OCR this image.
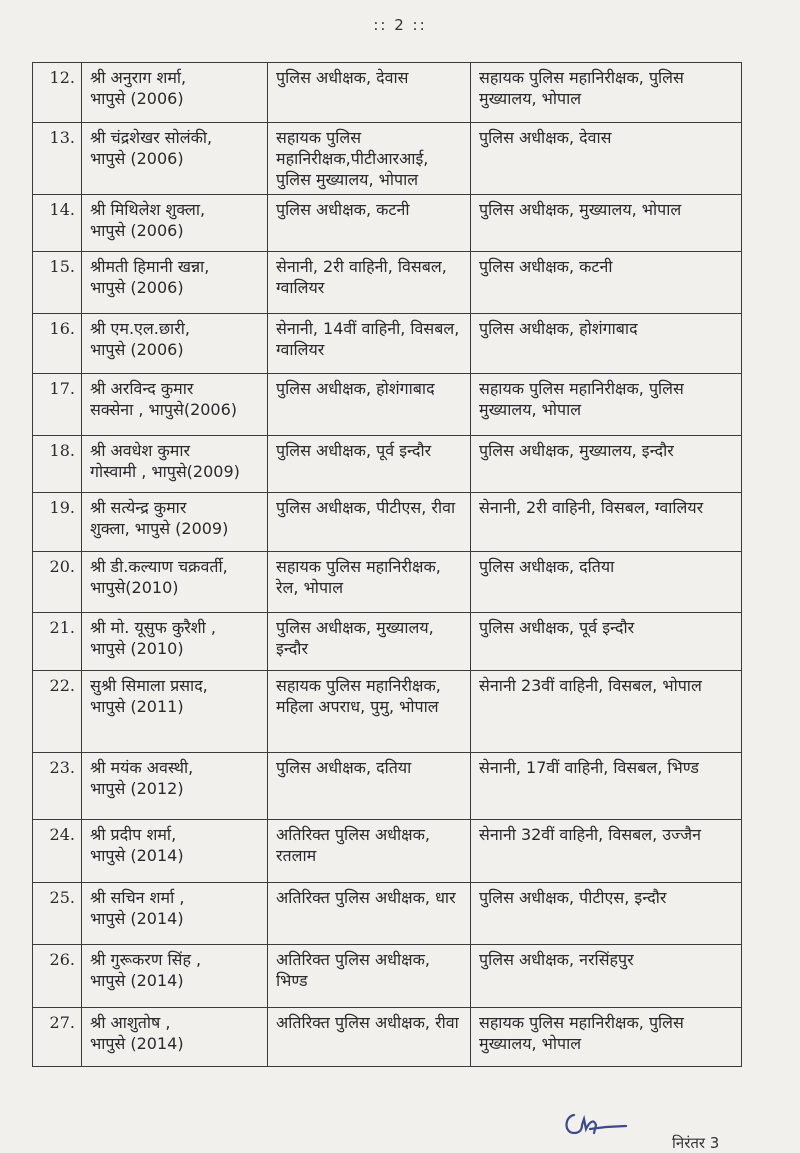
:: 2 ::
12.	श्री अनुराग शर्मा,
भापुसे (2006)	पुलिस अधीक्षक, देवास	सहायक पुलिस महानिरीक्षक, पुलिस मुख्यालय, भोपाल
13.	श्री चंद्रशेखर सोलंकी,
भापुसे (2006)	सहायक पुलिस महानिरीक्षक,पीटीआरआई, पुलिस मुख्यालय, भोपाल	पुलिस अधीक्षक, देवास
14.	श्री मिथिलेश शुक्ला,
भापुसे (2006)	पुलिस अधीक्षक, कटनी	पुलिस अधीक्षक, मुख्यालय, भोपाल
15.	श्रीमती हिमानी खन्ना,
भापुसे (2006)	सेनानी, 2री वाहिनी, विसबल, ग्वालियर	पुलिस अधीक्षक, कटनी
16.	श्री एम.एल.छारी,
भापुसे (2006)	सेनानी, 14वीं वाहिनी, विसबल, ग्वालियर	पुलिस अधीक्षक, होशंगाबाद
17.	श्री अरविन्द कुमार
सक्सेना , भापुसे(2006)	पुलिस अधीक्षक, होशंगाबाद	सहायक पुलिस महानिरीक्षक, पुलिस मुख्यालय, भोपाल
18.	श्री अवधेश कुमार
गोस्वामी , भापुसे(2009)	पुलिस अधीक्षक, पूर्व इन्दौर	पुलिस अधीक्षक, मुख्यालय, इन्दौर
19.	श्री सत्येन्द्र कुमार
शुक्ला, भापुसे (2009)	पुलिस अधीक्षक, पीटीएस, रीवा	सेनानी, 2री वाहिनी, विसबल, ग्वालियर
20.	श्री डी.कल्याण चक्रवर्ती,
भापुसे(2010)	सहायक पुलिस महानिरीक्षक, रेल, भोपाल	पुलिस अधीक्षक, दतिया
21.	श्री मो. यूसुफ कुरैशी ,
भापुसे (2010)	पुलिस अधीक्षक, मुख्यालय, इन्दौर	पुलिस अधीक्षक, पूर्व इन्दौर
22.	सुश्री सिमाला प्रसाद,
भापुसे (2011)	सहायक पुलिस महानिरीक्षक, महिला अपराध, पुमु, भोपाल	सेनानी 23वीं वाहिनी, विसबल, भोपाल
23.	श्री मयंक अवस्थी,
भापुसे (2012)	पुलिस अधीक्षक, दतिया	सेनानी, 17वीं वाहिनी, विसबल, भिण्ड
24.	श्री प्रदीप शर्मा,
भापुसे (2014)	अतिरिक्त पुलिस अधीक्षक, रतलाम	सेनानी 32वीं वाहिनी, विसबल, उज्जैन
25.	श्री सचिन शर्मा ,
भापुसे (2014)	अतिरिक्त पुलिस अधीक्षक, धार	पुलिस अधीक्षक, पीटीएस, इन्दौर
26.	श्री गुरूकरण सिंह ,
भापुसे (2014)	अतिरिक्त पुलिस अधीक्षक, भिण्ड	पुलिस अधीक्षक, नरसिंहपुर
27.	श्री आशुतोष ,
भापुसे (2014)	अतिरिक्त पुलिस अधीक्षक, रीवा	सहायक पुलिस महानिरीक्षक, पुलिस मुख्यालय, भोपाल
निरंतर 3
